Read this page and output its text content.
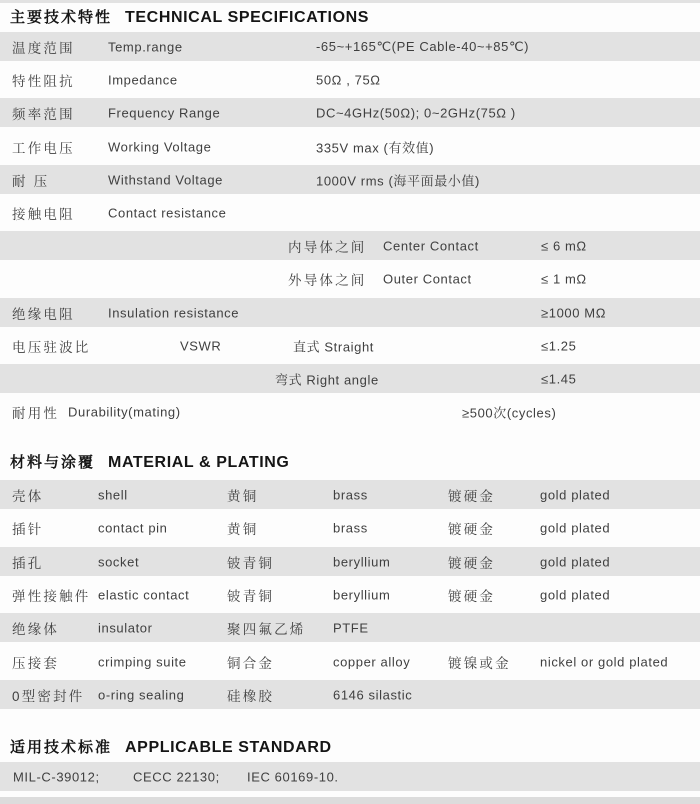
主要技术特性 TECHNICAL SPECIFICATIONS
温度范围	Temp.range	-65~+165℃(PE Cable-40~+85℃)
特性阻抗	Impedance	50Ω , 75Ω
频率范围	Frequency Range	DC~4GHz(50Ω); 0~2GHz(75Ω )
工作电压	Working Voltage	335V max (有效值)
耐 压	Withstand Voltage	1000V rms (海平面最小值)
接触电阻	Contact resistance
内导体之间 Center Contact	≤ 6 mΩ
外导体之间 Outer Contact	≤ 1 mΩ
绝缘电阻	Insulation resistance	≥1000 MΩ
电压驻波比	VSWR	直式 Straight	≤1.25
弯式 Right angle	≤1.45
耐用性 Durability(mating)	≥500次(cycles)
材料与涂覆 MATERIAL & PLATING
壳体	shell	黄铜	brass	镀硬金	gold plated
插针	contact pin	黄铜	brass	镀硬金	gold plated
插孔	socket	铍青铜	beryllium	镀硬金	gold plated
弹性接触件 elastic contact	铍青铜	beryllium	镀硬金	gold plated
绝缘体	insulator	聚四氟乙烯 PTFE
压接套	crimping suite	铜合金	copper alloy	镀镍或金 nickel or gold plated
0型密封件 o-ring sealing	硅橡胶	6146 silastic
适用技术标准 APPLICABLE STANDARD
MIL-C-39012;	CECC 22130; IEC 60169-10.
